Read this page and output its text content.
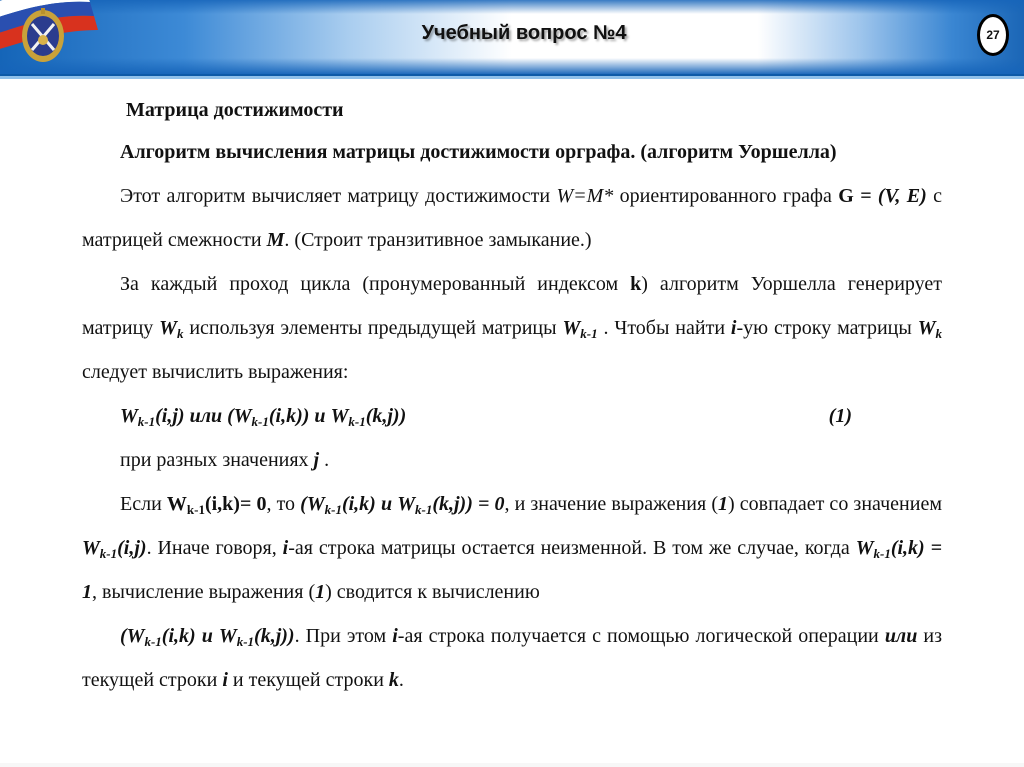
Учебный вопрос №4	27
Матрица достижимости

Алгоритм вычисления матрицы достижимости орграфа. (алгоритм Уоршелла)

Этот алгоритм вычисляет матрицу достижимости W=M* ориентированного графа G = (V, E) с матрицей смежности M. (Строит транзитивное замыкание.)

За каждый проход цикла (пронумерованный индексом k) алгоритм Уоршелла генерирует матрицу $W_k$ используя элементы предыдущей матрицы $W_{k-1}$ . Чтобы найти i-ую строку матрицы $W_k$ следует вычислить выражения:

$W_{k-1}(i,j)$ или $(W_{k-1}(i,k))$ и $W_{k-1}(k,j)$)	(1)

при разных значениях j .

Если $W_{k-1}(i,k)= 0$, то ($W_{k-1}(i,k)$ и $W_{k-1}(k,j)) = 0$, и значение выражения (1) совпадает со значением $W_{k-1}(i,j)$. Иначе говоря, i-ая строка матрицы остается неизменной. В том же случае, когда $W_{k-1}(i,k) = 1$, вычисление выражения (1) сводится к вычислению

($W_{k-1}(i,k)$ и $W_{k-1}(k,j)$). При этом i-ая строка получается с помощью логической операции или из текущей строки i и текущей строки k.
